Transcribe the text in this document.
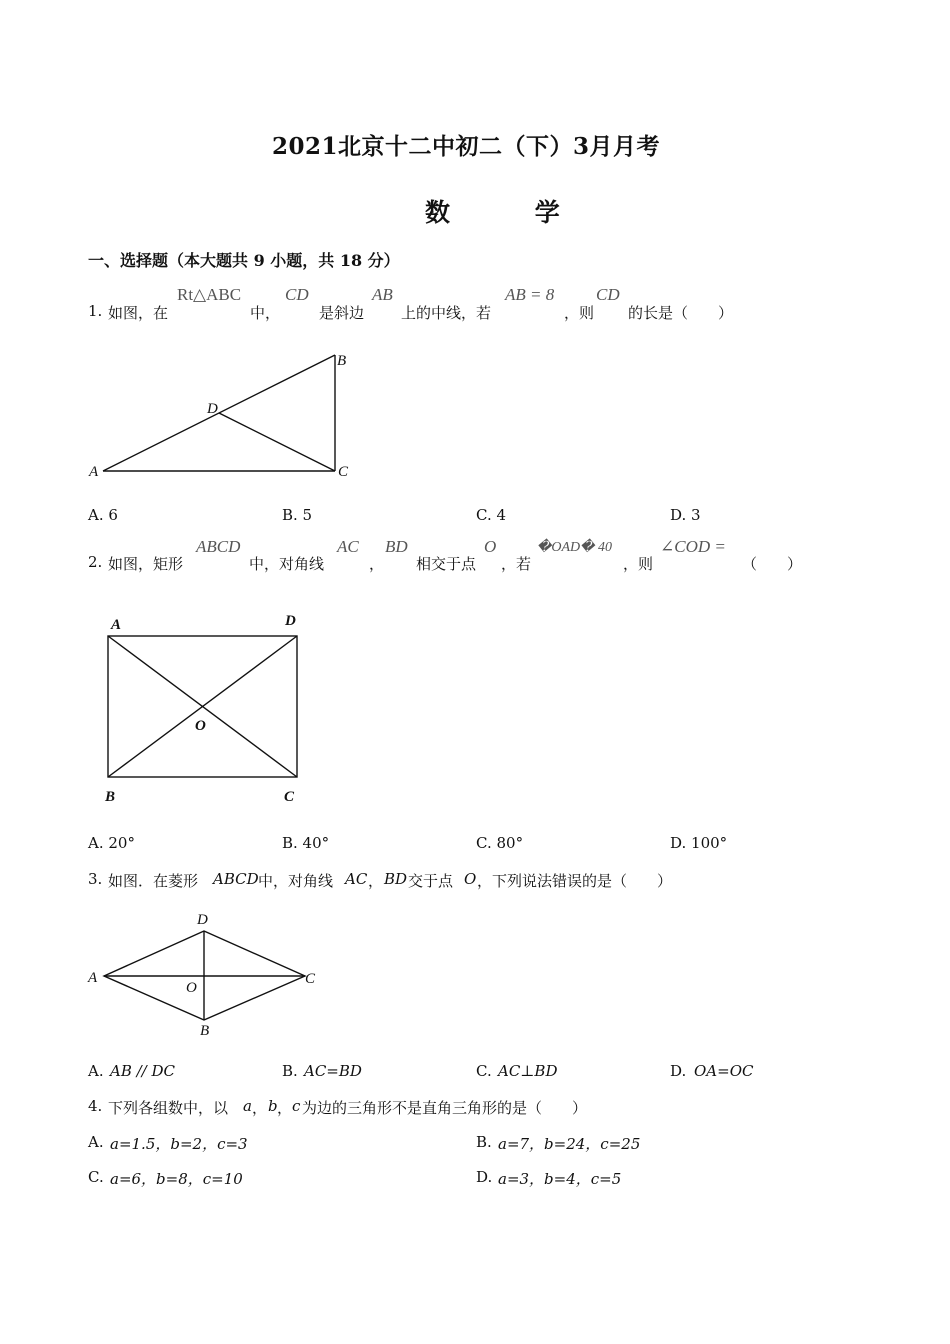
2021北京十二中初二（下）3月月考
数 学
一、选择题（本大题共 9 小题，共 18 分）
1. 如图，在
Rt△ABC
中，
CD
是斜边
AB
上的中线，若
AB = 8
，则
CD
的长是（　　）
A
B
C
D
A. 6	B. 5	C. 4	D. 3
2. 如图，矩形
ABCD
中，对角线
AC
，
BD
相交于点
O
，若
�OAD� 40
，则
∠COD =
（　　）
A	D
B	C
O
A. 20°	B. 40°	C. 80°	D. 100°
3. 如图．在菱形 ABCD 中，对角线 AC ， BD 交于点 O ，下列说法错误的是（　　）
A
D
C
B
O
A. AB // DC	B. AC=BD	C. AC⊥BD	D. OA=OC
4. 下列各组数中，以 a ， b ， c 为边的三角形不是直角三角形的是（　　）
A. a=1.5，b=2，c=3	B. a=7，b=24，c=25
C. a=6，b=8，c=10	D. a=3，b=4，c=5
